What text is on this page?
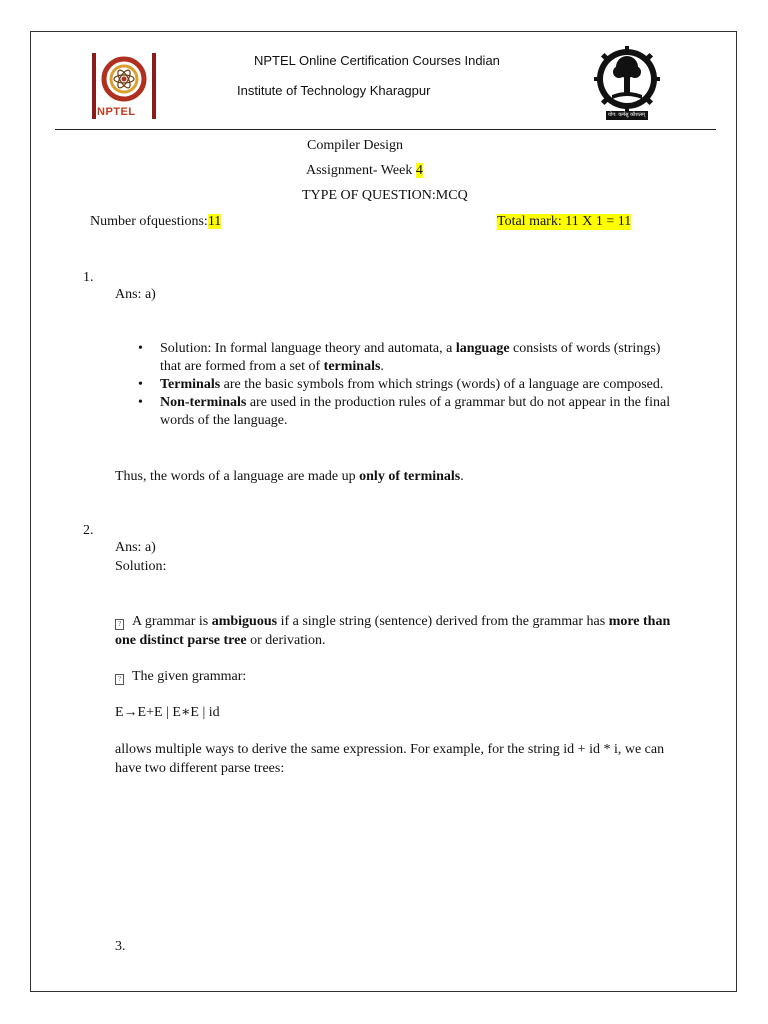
NPTEL
NPTEL Online Certification Courses Indian
Institute of Technology Kharagpur
योग: कर्मसु कौशलम्
Compiler Design
Assignment- Week 4
TYPE OF QUESTION:MCQ
Number ofquestions:11	Total mark: 11 X 1 = 11
1.
Ans: a)
• Solution: In formal language theory and automata, a language consists of words (strings) that are formed from a set of terminals.
• Terminals are the basic symbols from which strings (words) of a language are composed.
• Non-terminals are used in the production rules of a grammar but do not appear in the final words of the language.
Thus, the words of a language are made up only of terminals.
2.
Ans: a)
Solution:
? A grammar is ambiguous if a single string (sentence) derived from the grammar has more than one distinct parse tree or derivation.
? The given grammar:
E→E+E | E∗E | id
allows multiple ways to derive the same expression. For example, for the string id + id * i, we can have two different parse trees:
3.
